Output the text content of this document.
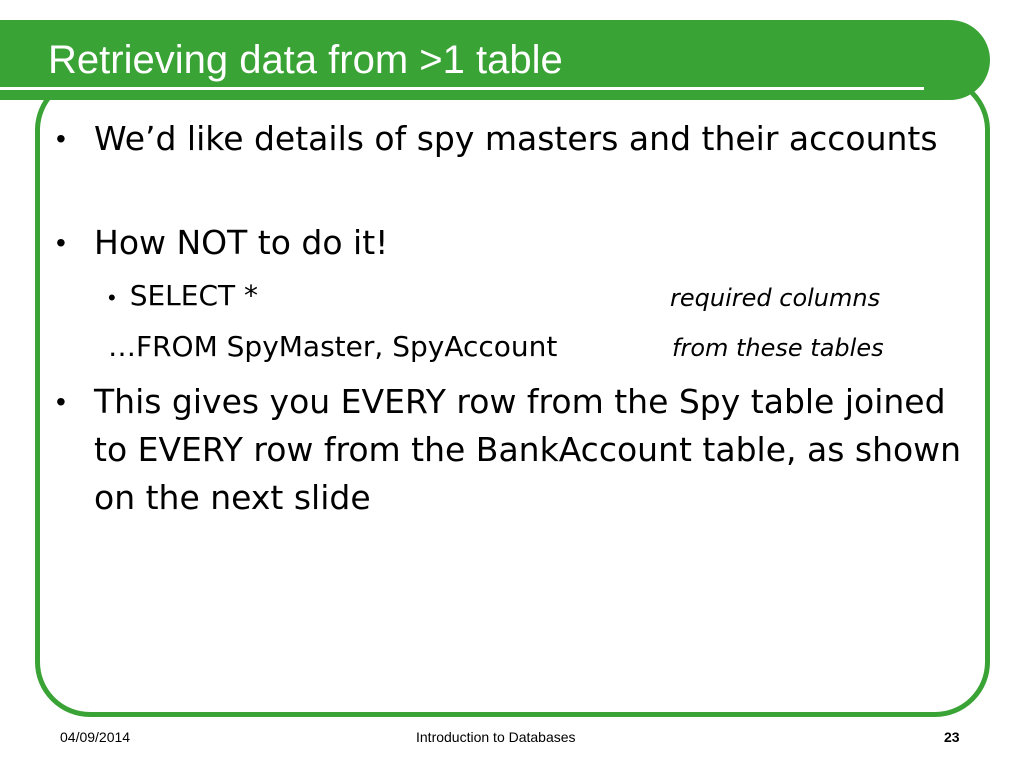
Retrieving data from >1 table
• We’d like details of spy masters and their accounts
• How NOT to do it!
• SELECT *	required columns
…FROM SpyMaster, SpyAccount	from these tables
• This gives you EVERY row from the Spy table joined to EVERY row from the BankAccount table, as shown on the next slide
04/09/2014	Introduction to Databases	23
